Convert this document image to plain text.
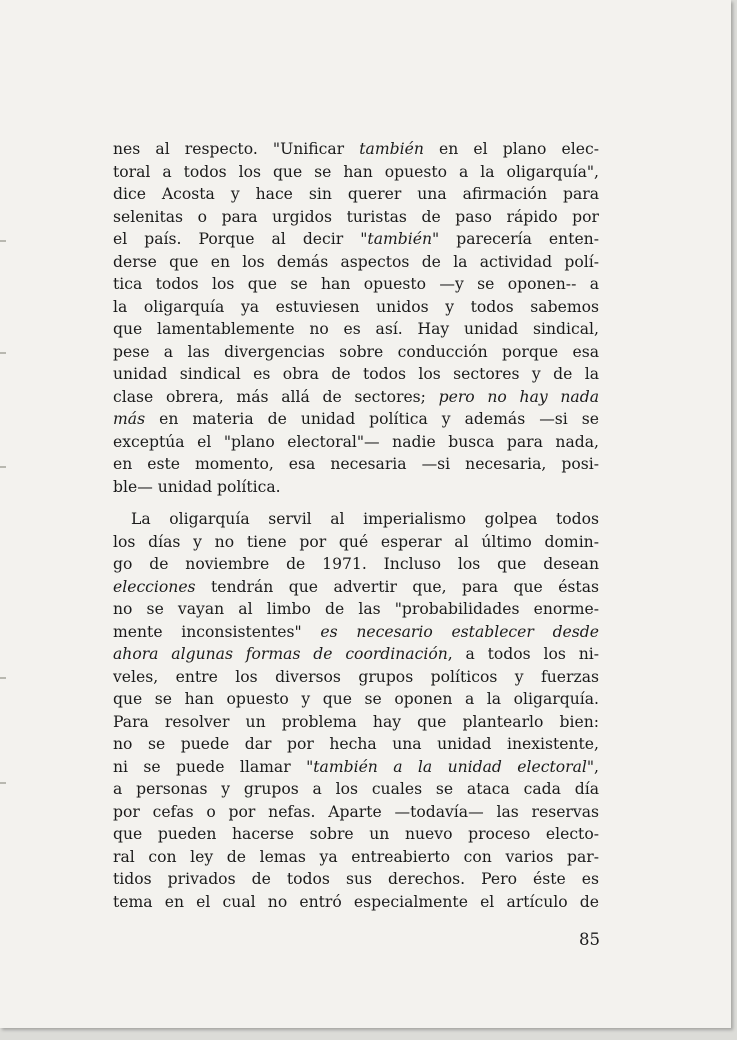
nes al respecto. "Unificar también en el plano elec-
toral a todos los que se han opuesto a la oligarquía",
dice Acosta y hace sin querer una afirmación para
selenitas o para urgidos turistas de paso rápido por
el país. Porque al decir "también" parecería enten-
derse que en los demás aspectos de la actividad polí-
tica todos los que se han opuesto —y se oponen-- a
la oligarquía ya estuviesen unidos y todos sabemos
que lamentablemente no es así. Hay unidad sindical,
pese a las divergencias sobre conducción porque esa
unidad sindical es obra de todos los sectores y de la
clase obrera, más allá de sectores; pero no hay nada
más en materia de unidad política y además —si se
exceptúa el "plano electoral"— nadie busca para nada,
en este momento, esa necesaria —si necesaria, posi-
ble— unidad política.
La oligarquía servil al imperialismo golpea todos
los días y no tiene por qué esperar al último domin-
go de noviembre de 1971. Incluso los que desean
elecciones tendrán que advertir que, para que éstas
no se vayan al limbo de las "probabilidades enorme-
mente inconsistentes" es necesario establecer desde
ahora algunas formas de coordinación, a todos los ni-
veles, entre los diversos grupos políticos y fuerzas
que se han opuesto y que se oponen a la oligarquía.
Para resolver un problema hay que plantearlo bien:
no se puede dar por hecha una unidad inexistente,
ni se puede llamar "también a la unidad electoral",
a personas y grupos a los cuales se ataca cada día
por cefas o por nefas. Aparte —todavía— las reservas
que pueden hacerse sobre un nuevo proceso electo-
ral con ley de lemas ya entreabierto con varios par-
tidos privados de todos sus derechos. Pero éste es
tema en el cual no entró especialmente el artículo de
85
